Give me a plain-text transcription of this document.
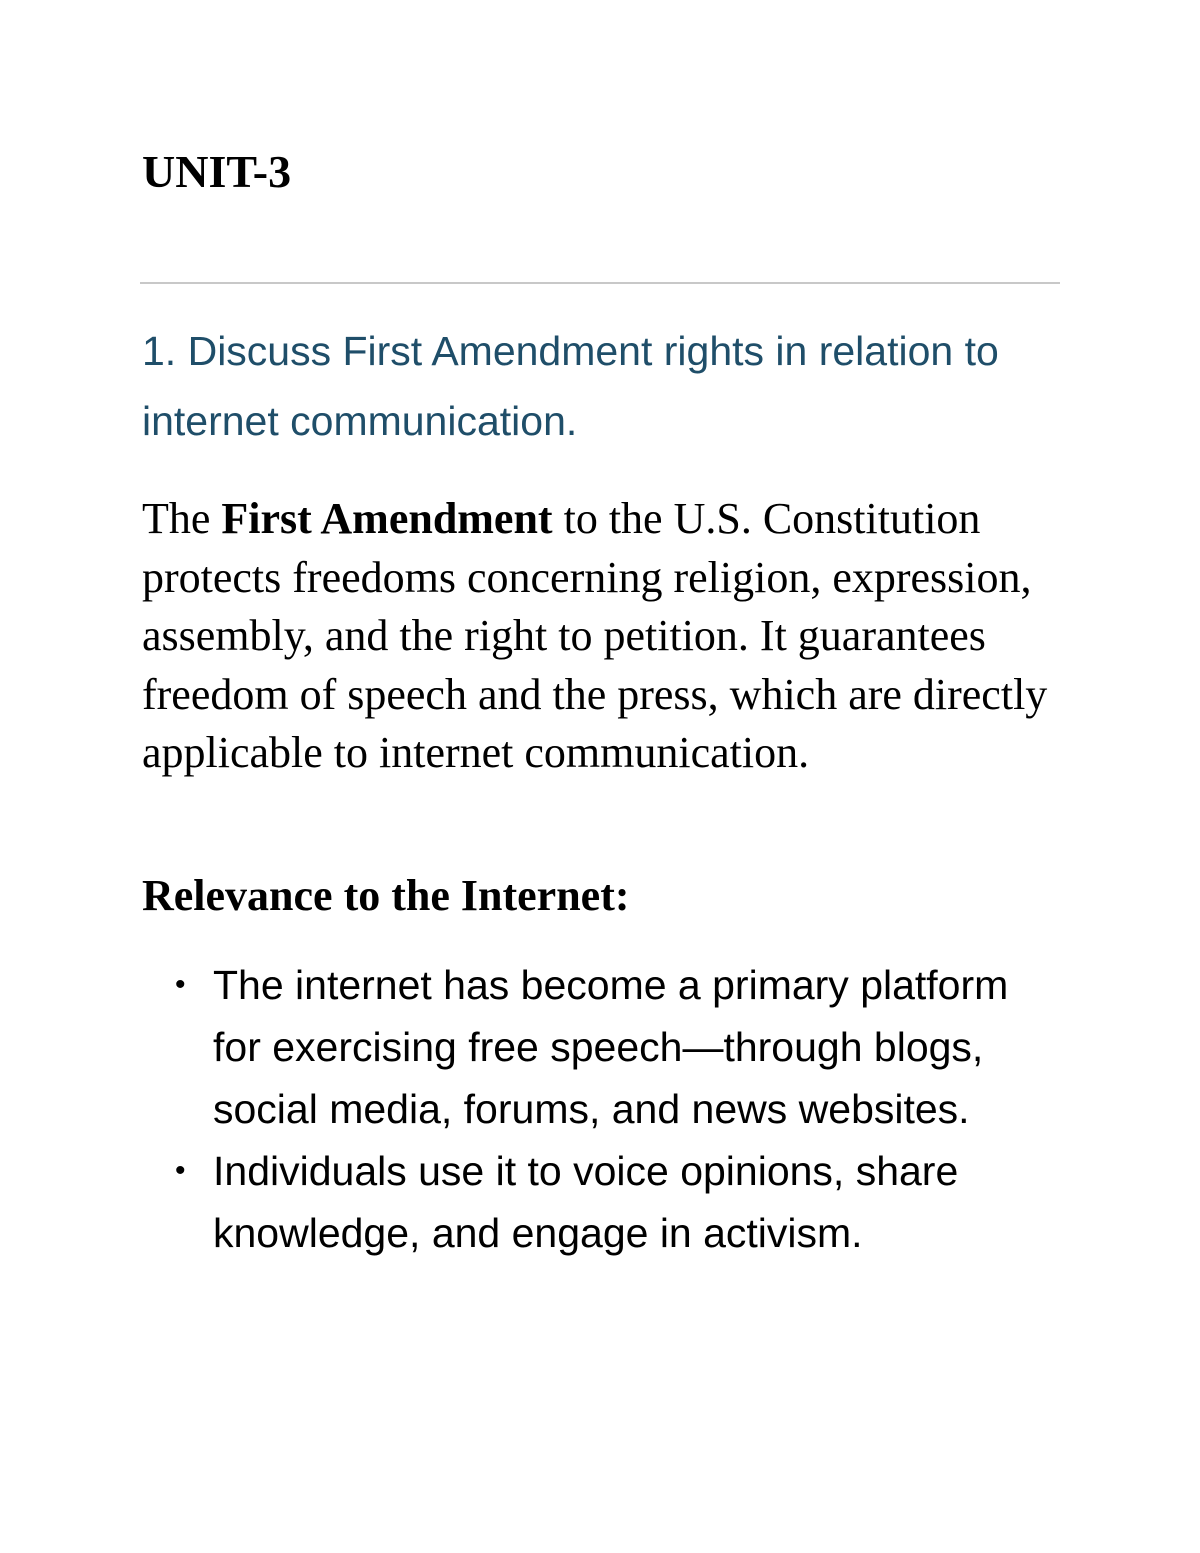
UNIT-3
1. Discuss First Amendment rights in relation to internet communication.

The First Amendment to the U.S. Constitution protects freedoms concerning religion, expression, assembly, and the right to petition. It guarantees freedom of speech and the press, which are directly applicable to internet communication.

Relevance to the Internet:
• The internet has become a primary platform for exercising free speech—through blogs, social media, forums, and news websites.
• Individuals use it to voice opinions, share knowledge, and engage in activism.
